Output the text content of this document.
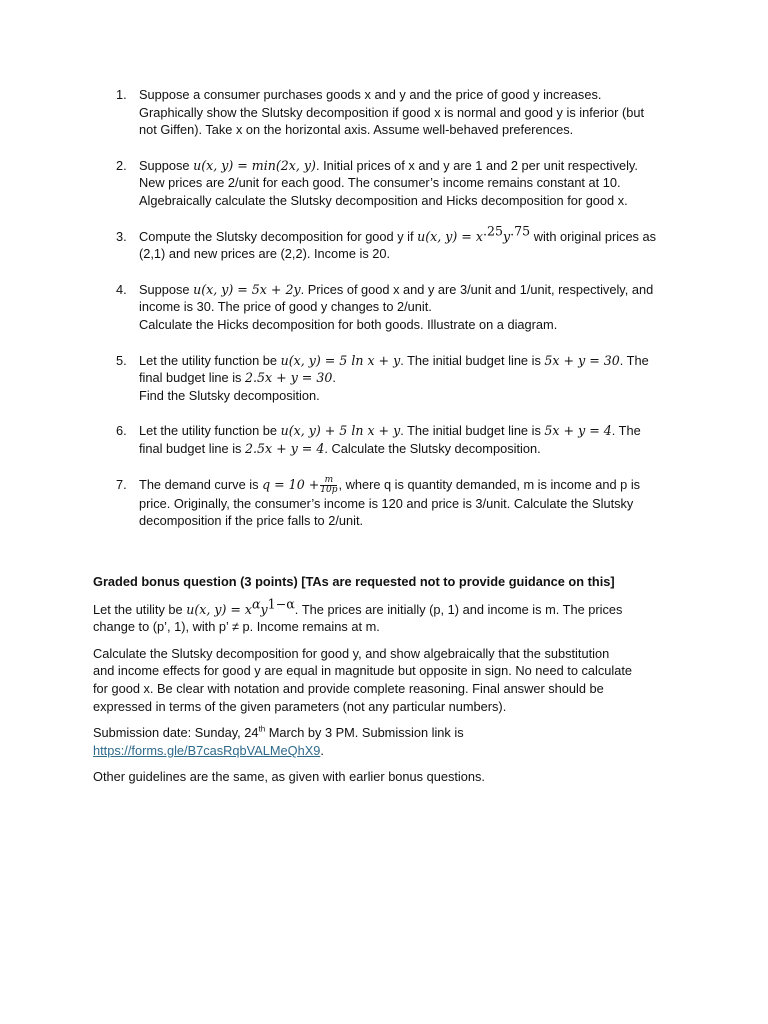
1. Suppose a consumer purchases goods x and y and the price of good y increases.
Graphically show the Slutsky decomposition if good x is normal and good y is inferior (but
not Giffen). Take x on the horizontal axis. Assume well-behaved preferences.
2. Suppose u(x, y) = min(2x, y). Initial prices of x and y are 1 and 2 per unit respectively.
New prices are 2/unit for each good. The consumer’s income remains constant at 10.
Algebraically calculate the Slutsky decomposition and Hicks decomposition for good x.
3. Compute the Slutsky decomposition for good y if u(x, $y) = x^{.25}y^{.75}$ with original prices as
(2,1) and new prices are (2,2). Income is 20.
4. Suppose u(x, y) = 5x + 2y. Prices of good x and y are 3/unit and 1/unit, respectively, and
income is 30. The price of good y changes to 2/unit.
Calculate the Hicks decomposition for both goods. Illustrate on a diagram.
5. Let the utility function be u(x, y) = 5 ln x + y. The initial budget line is 5x + y = 30. The
final budget line is 2.5x + y = 30.
Find the Slutsky decomposition.
6. Let the utility function be u(x, y) + 5 ln x + y. The initial budget line is 5x + y = 4. The
final budget line is 2.5x + y = 4. Calculate the Slutsky decomposition.
7. The demand curve is $q = 10 + \frac{m}{10p}$ , where q is quantity demanded, m is income and p is
price. Originally, the consumer’s income is 120 and price is 3/unit. Calculate the Slutsky
decomposition if the price falls to 2/unit.

Graded bonus question (3 points) [TAs are requested not to provide guidance on this]

Let the utility be u(x, $y) = x^\alpha y^{1-\alpha}$. The prices are initially (p, 1) and income is m. The prices
change to (p’, 1), with p’ ≠ p. Income remains at m.

Calculate the Slutsky decomposition for good y, and show algebraically that the substitution
and income effects for good y are equal in magnitude but opposite in sign. No need to calculate
for good x. Be clear with notation and provide complete reasoning. Final answer should be
expressed in terms of the given parameters (not any particular numbers).

Submission date: Sunday, 24th March by 3 PM. Submission link is
https://forms.gle/B7casRqbVALMeQhX9.

Other guidelines are the same, as given with earlier bonus questions.
